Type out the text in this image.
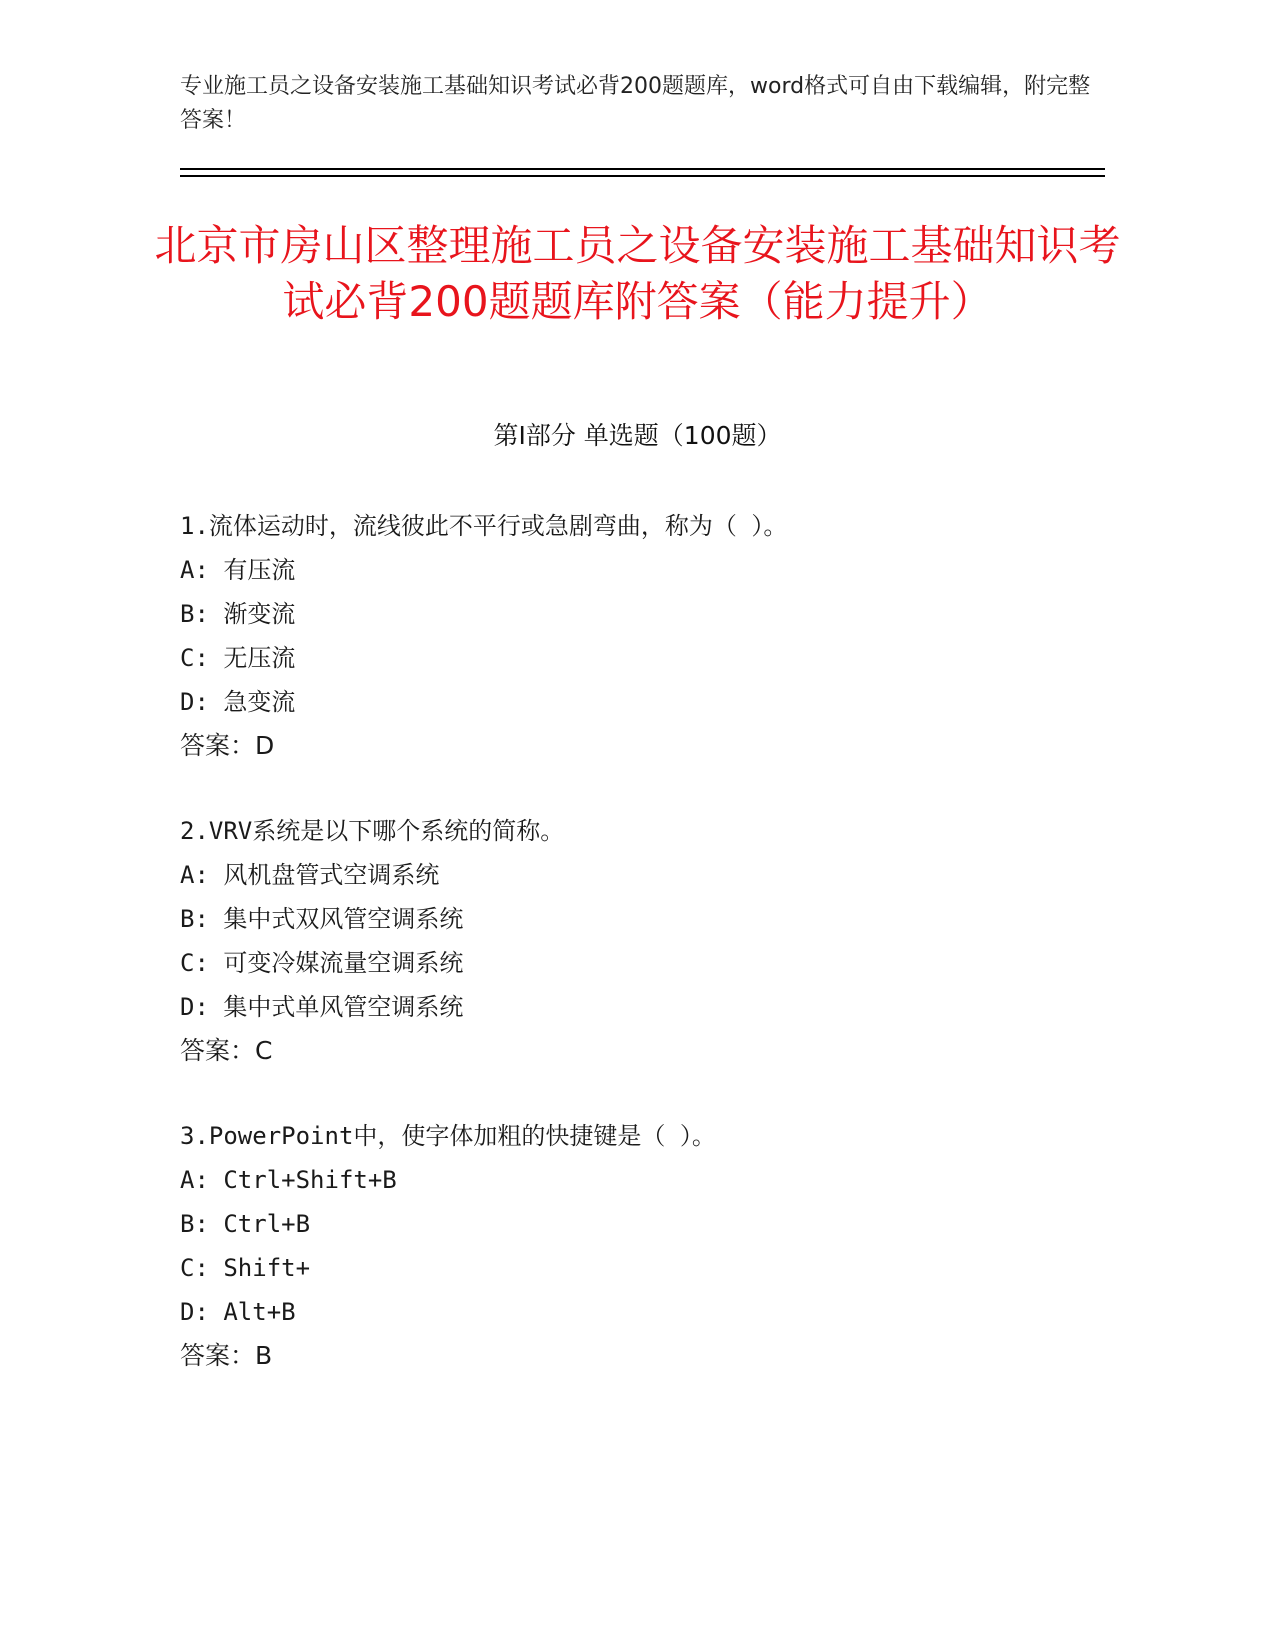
专业施工员之设备安装施工基础知识考试必背200题题库，word格式可自由下载编辑，附完整答案！
北京市房山区整理施工员之设备安装施工基础知识考试必背200题题库附答案（能力提升）
第I部分 单选题（100题）
1.流体运动时，流线彼此不平行或急剧弯曲，称为（ ）。
A: 有压流
B: 渐变流
C: 无压流
D: 急变流
答案：D
2.VRV系统是以下哪个系统的简称。
A: 风机盘管式空调系统
B: 集中式双风管空调系统
C: 可变冷媒流量空调系统
D: 集中式单风管空调系统
答案：C
3.PowerPoint中，使字体加粗的快捷键是（ ）。
A: Ctrl+Shift+B
B: Ctrl+B
C: Shift+
D: Alt+B
答案：B
